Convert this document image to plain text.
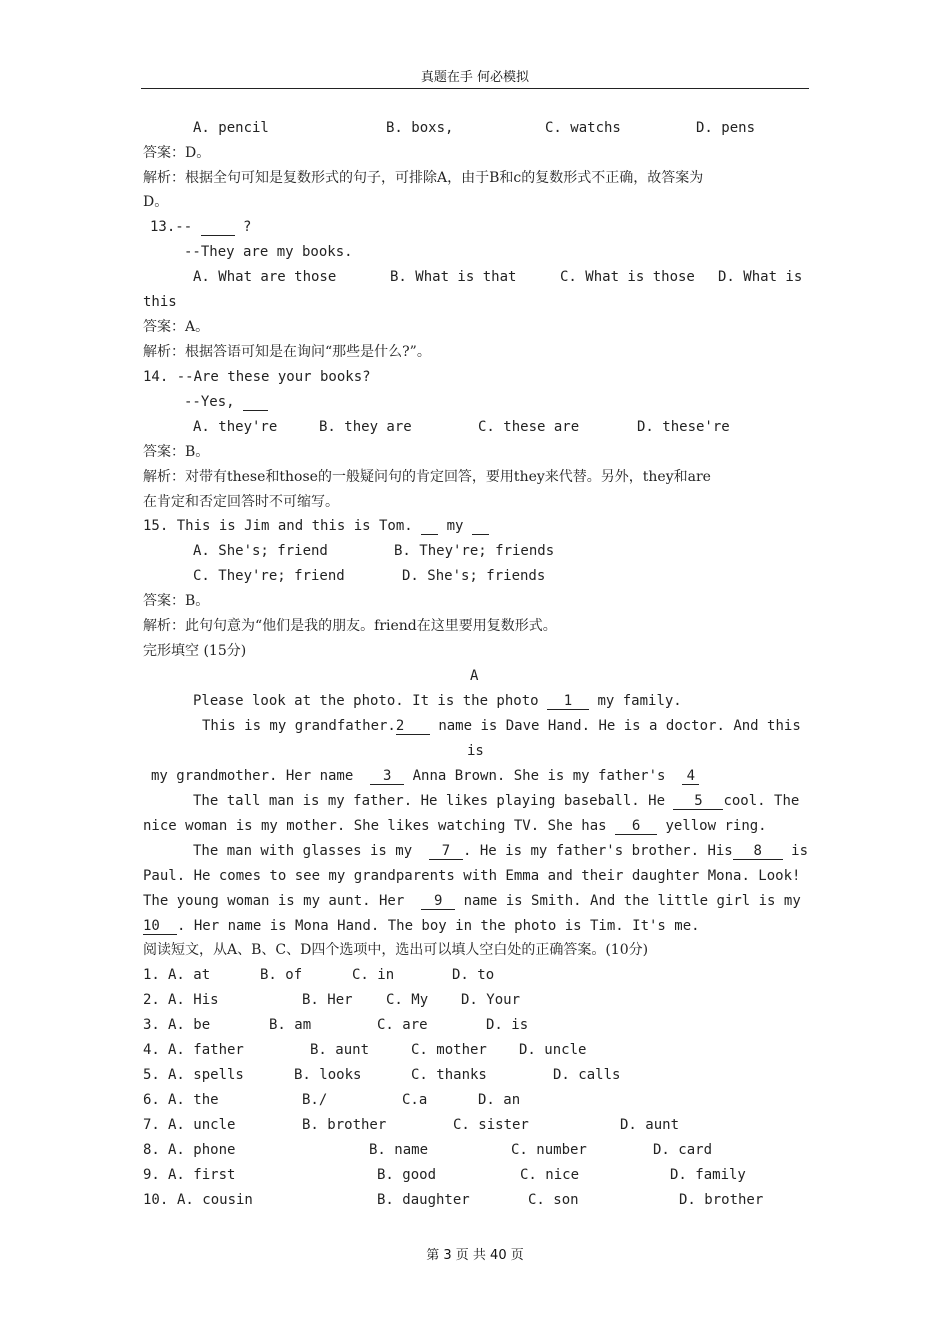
真题在手 何必模拟
A. pencil	B. boxs,	C. watchs	D. pens
答案：D。
解析：根据全句可知是复数形式的句子，可排除A，由于B和c的复数形式不正确，故答案为
D。
13.--	?
--They are my books.
A. What are those	B. What is that	C. What is those D. What is
this
答案：A。
解析：根据答语可知是在询问“那些是什么?”。
14. --Are these your books?
--Yes,
A. they're	B. they are	C. these are	D. these're
答案：B。
解析：对带有these和those的一般疑问句的肯定回答，要用they来代替。另外，they和are
在肯定和否定回答时不可缩写。
15. This is Jim and this is Tom. my
A. She's; friend	B. They're; friends
C. They're; friend	D. She's; friends
答案：B。
解析：此句句意为“他们是我的朋友。friend在这里要用复数形式。
完形填空 (15分)
A
Please look at the photo. It is the photo 1 my family.
This is my grandfather.2 name is Dave Hand. He is a doctor. And this
is
my grandmother. Her name 3 Anna Brown. She is my father's 4
The tall man is my father. He likes playing baseball. He 5 cool. The
nice woman is my mother. She likes watching TV. She has 6 yellow ring.
The man with glasses is my 7 . He is my father's brother. His 8 is
Paul. He comes to see my grandparents with Emma and their daughter Mona. Look!
The young woman is my aunt. Her 9 name is Smith. And the little girl is my
10 . Her name is Mona Hand. The boy in the photo is Tim. It's me.
阅读短文，从A、B、C、D四个选项中，选出可以填人空白处的正确答案。(10分)
1. A. at	B. of	C. in	D. to
2. A. His	B. Her C. My D. Your
3. A. be	B. am	C. are	D. is
4. A. father	B. aunt	C. mother D. uncle
5. A. spells	B. looks	C. thanks	D. calls
6. A. the	B./	C.a	D. an
7. A. uncle	B. brother	C. sister	D. aunt
8. A. phone	B. name	C. number	D. card
9. A. first	B. good	C. nice	D. family
10. A. cousin	B. daughter	C. son	D. brother
第 3 页 共 40 页
